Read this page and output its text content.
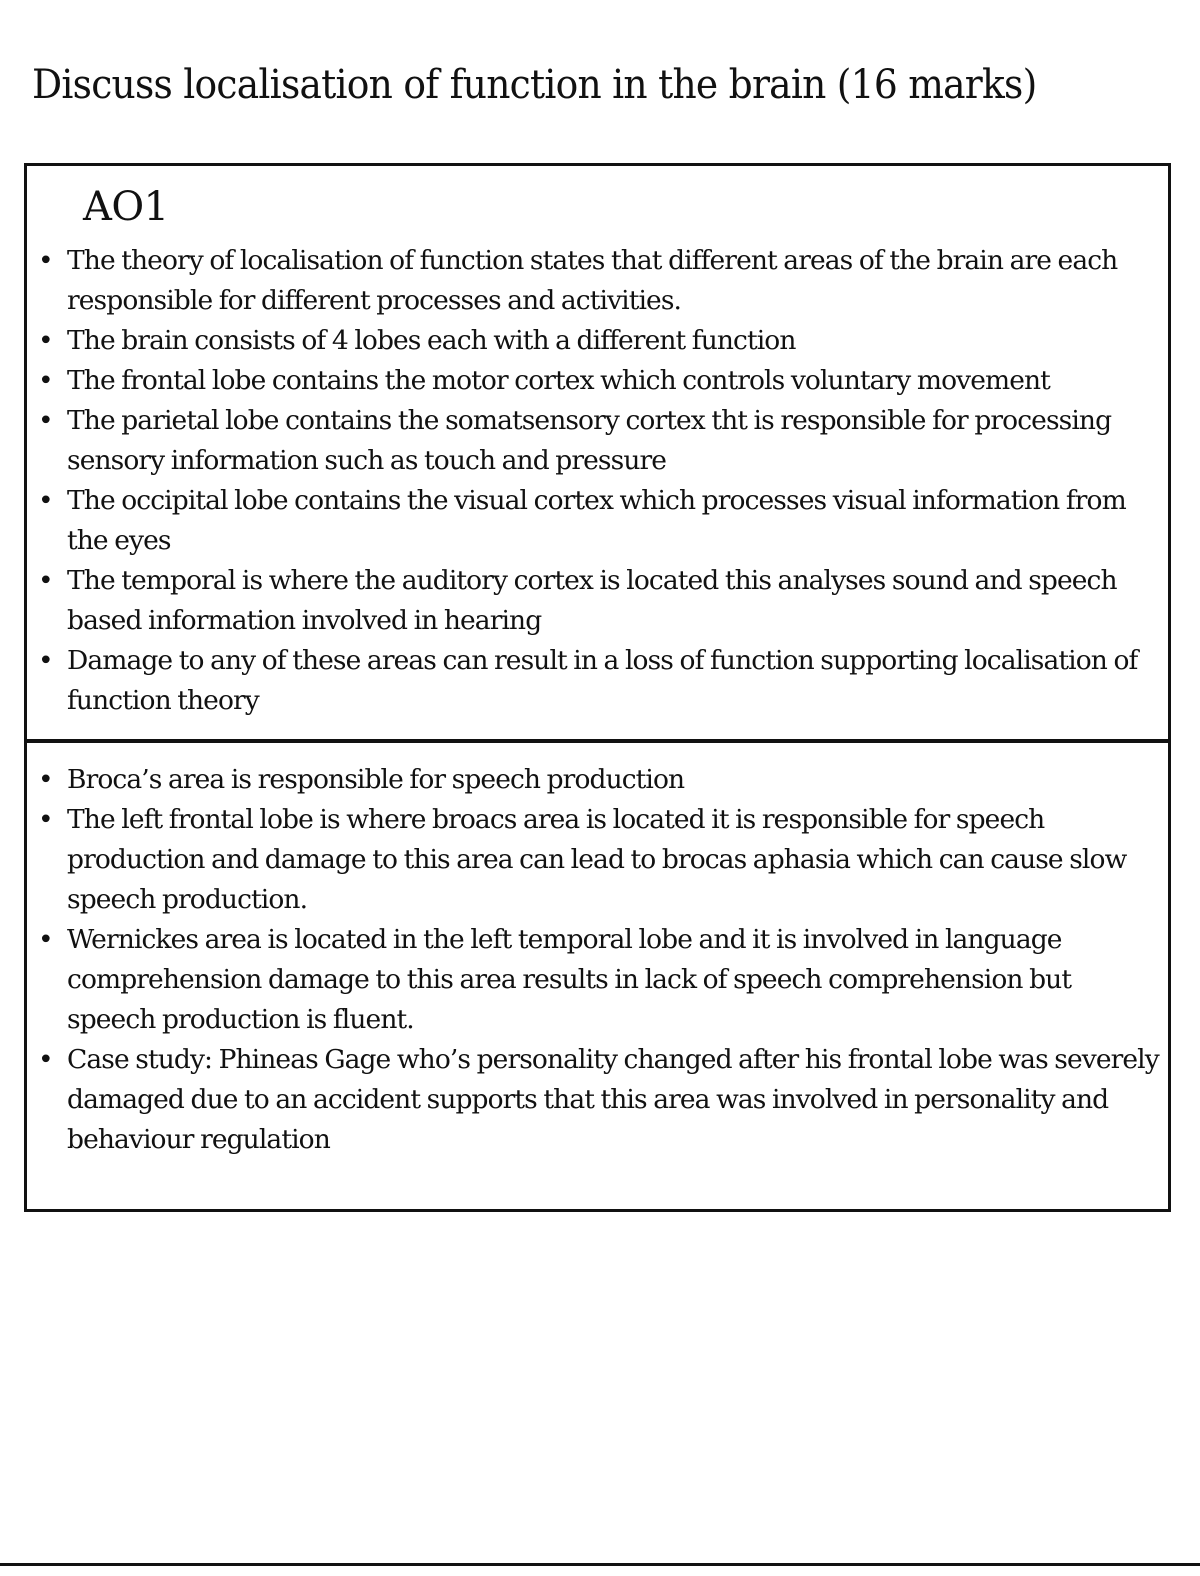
Discuss localisation of function in the brain (16 marks)
AO1
• The theory of localisation of function states that different areas of the brain are each responsible for different processes and activities.
• The brain consists of 4 lobes each with a different function
• The frontal lobe contains the motor cortex which controls voluntary movement
• The parietal lobe contains the somatsensory cortex tht is responsible for processing sensory information such as touch and pressure
• The occipital lobe contains the visual cortex which processes visual information from the eyes
• The temporal is where the auditory cortex is located this analyses sound and speech based information involved in hearing
• Damage to any of these areas can result in a loss of function supporting localisation of function theory
• Broca’s area is responsible for speech production
• The left frontal lobe is where broacs area is located it is responsible for speech production and damage to this area can lead to brocas aphasia which can cause slow speech production.
• Wernickes area is located in the left temporal lobe and it is involved in language comprehension damage to this area results in lack of speech comprehension but speech production is fluent.
• Case study: Phineas Gage who’s personality changed after his frontal lobe was severely damaged due to an accident supports that this area was involved in personality and behaviour regulation
